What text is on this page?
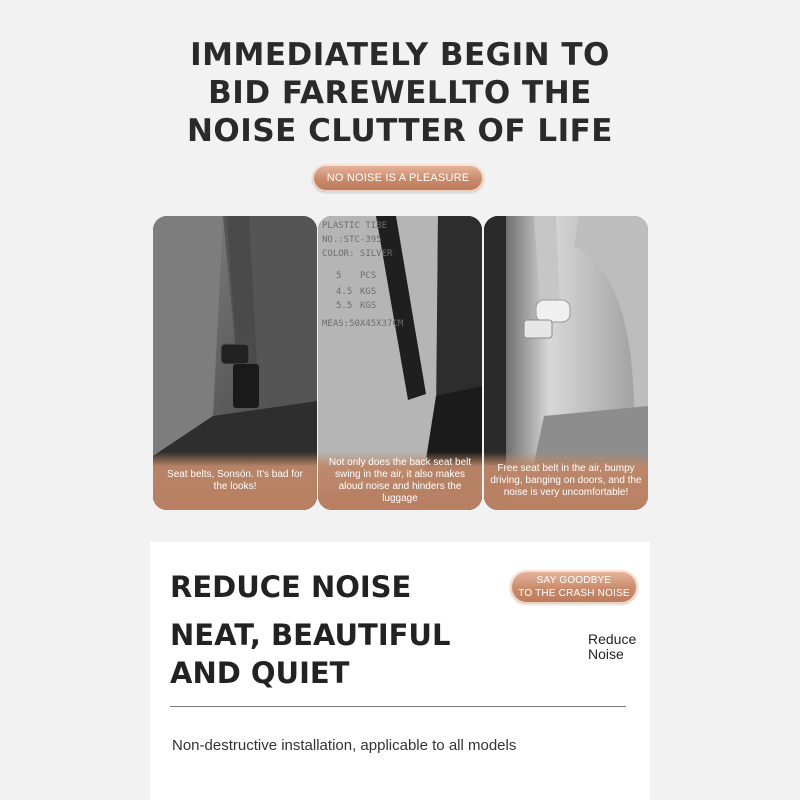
IMMEDIATELY BEGIN TO
BID FAREWELLTO THE
NOISE CLUTTER OF LIFE
NO NOISE IS A PLEASURE
Seat belts, Sonsón. It's bad for the looks!
PLASTIC TIBE NO.:STC-395 COLOR: SILVER 5 4.5 5.5 MEAS:50X45X37CM PCS KGS KGS
Not only does the back seat belt swing in the air, it also makes aloud noise and hinders the luggage
Free seat belt in the air, bumpy driving, banging on doors, and the noise is very uncomfortable!
REDUCE NOISE
NEAT, BEAUTIFUL
AND QUIET
SAY GOODBYE
TO THE CRASH NOISE
Reduce
Noise
Non-destructive installation, applicable to all models
